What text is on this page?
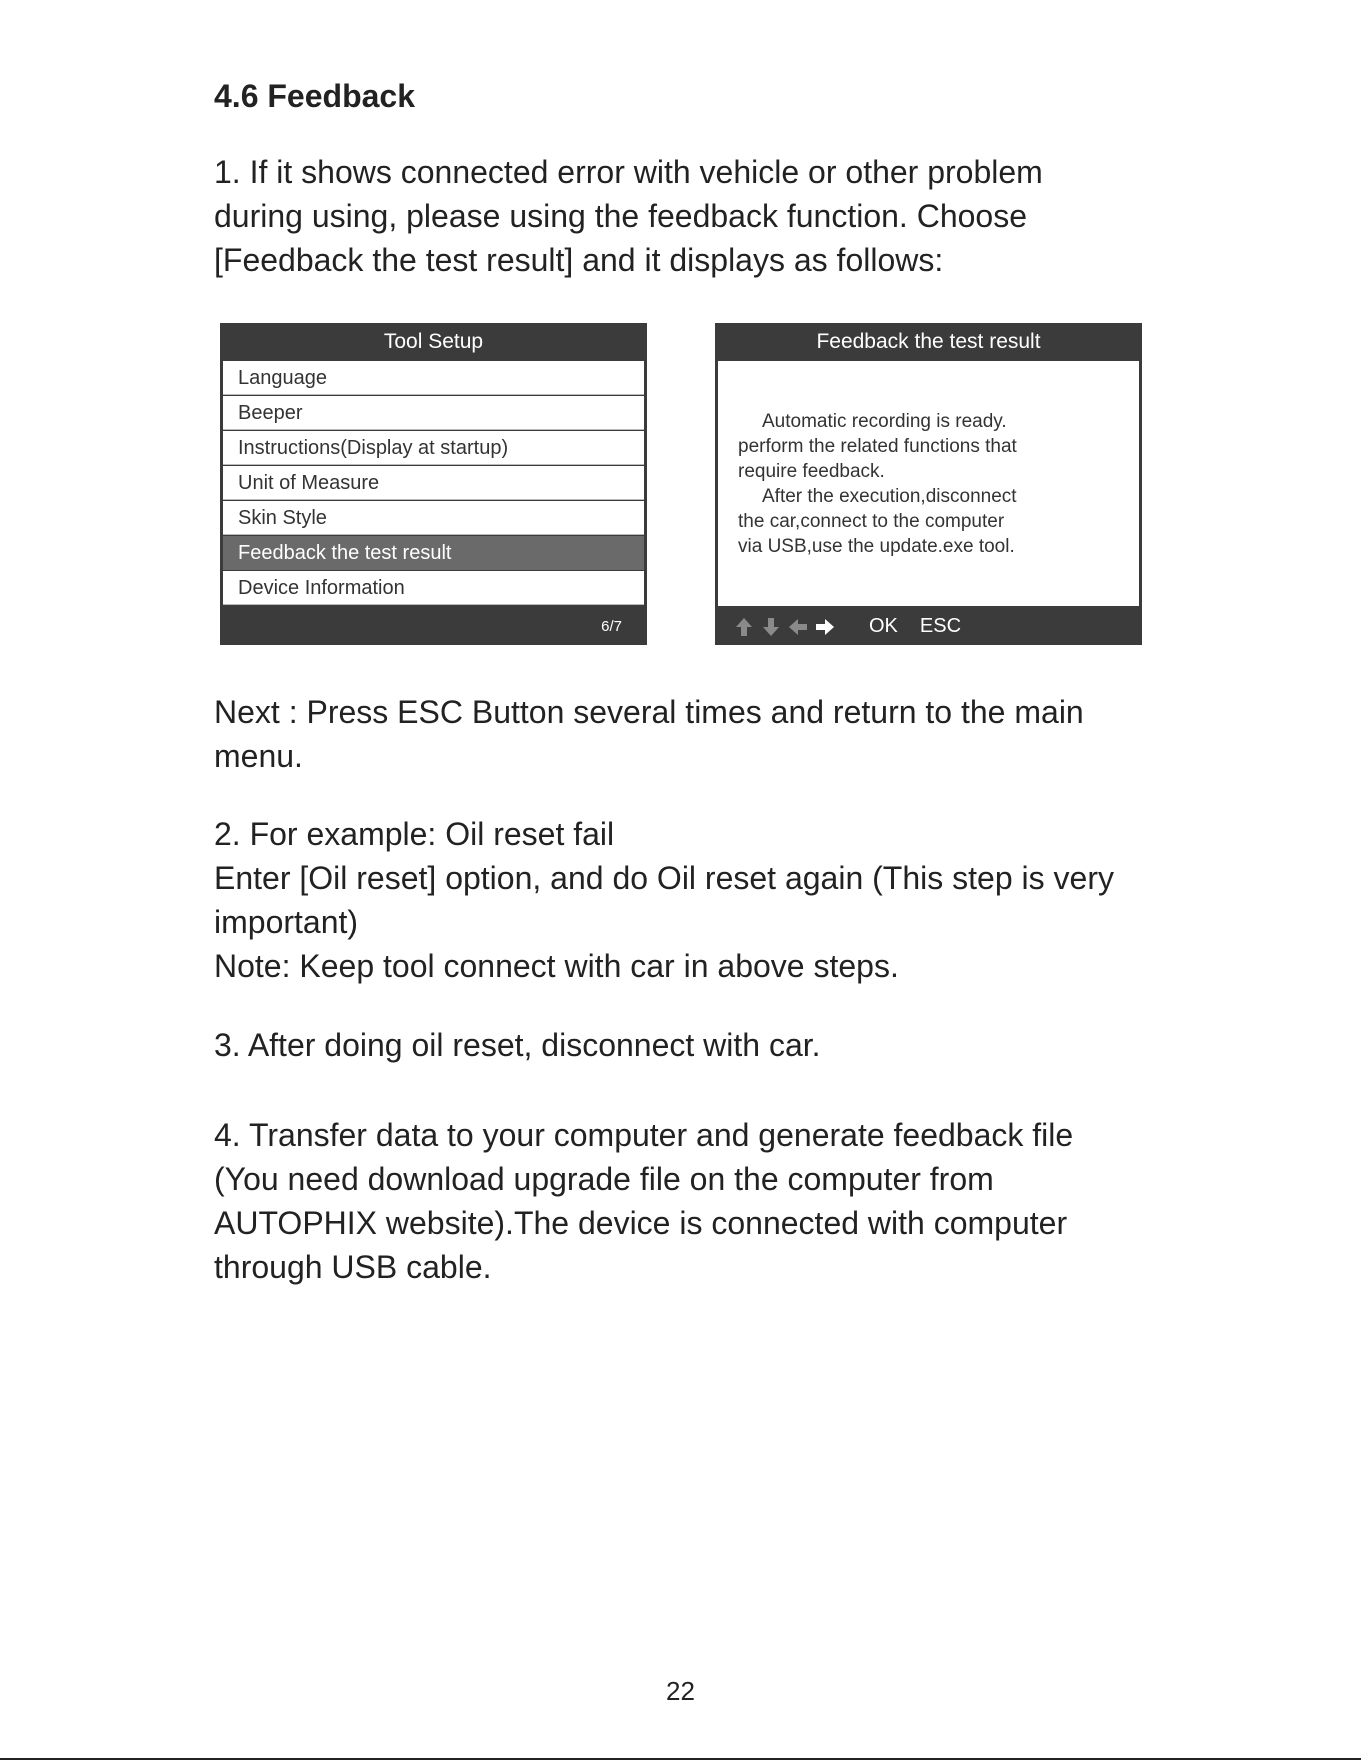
4.6 Feedback
1. If it shows connected error with vehicle or other problem
during using, please using the feedback function. Choose
[Feedback the test result] and it displays as follows:
Tool Setup
Language
Beeper
Instructions(Display at startup)
Unit of Measure
Skin Style
Feedback the test result
Device Information
6/7
Feedback the test result
Automatic recording is ready.
perform the related functions that
require feedback.
After the execution,disconnect
the car,connect to the computer
via USB,use the update.exe tool.
OK ESC
Next : Press ESC Button several times and return to the main
menu.
2. For example: Oil reset fail
Enter [Oil reset] option, and do Oil reset again (This step is very
important)
Note: Keep tool connect with car in above steps.
3. After doing oil reset, disconnect with car.
4. Transfer data to your computer and generate feedback file
(You need download upgrade file on the computer from
AUTOPHIX website).The device is connected with computer
through USB cable.
22
